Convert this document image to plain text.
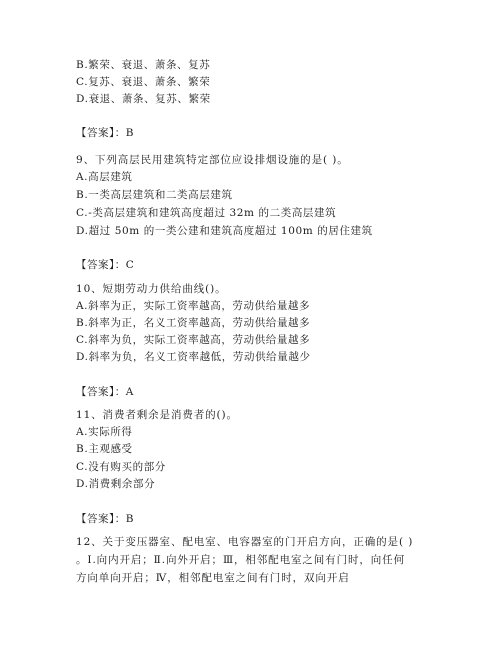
B.繁荣、衰退、萧条、复苏
C.复苏、衰退、萧条、繁荣
D.衰退、萧条、复苏、繁荣
【答案】：B
9、下列高层民用建筑特定部位应设排烟设施的是( )。
A.高层建筑
B.一类高层建筑和二类高层建筑
C.-类高层建筑和建筑高度超过 32m 的二类高层建筑
D.超过 50m 的一类公建和建筑高度超过 100m 的居住建筑
【答案】：C
10、短期劳动力供给曲线()。
A.斜率为正，实际工资率越高，劳动供给量越多
B.斜率为正，名义工资率越高，劳动供给量越多
C.斜率为负，实际工资率越高，劳动供给量越多
D.斜率为负，名义工资率越低，劳动供给量越少
【答案】：A
11、消费者剩余是消费者的()。
A.实际所得
B.主观感受
C.没有购买的部分
D.消费剩余部分
【答案】：B
12、关于变压器室、配电室、电容器室的门开启方向，正确的是( )
。Ⅰ.向内开启；Ⅱ.向外开启；Ⅲ，相邻配电室之间有门时，向任何
方向单向开启；Ⅳ，相邻配电室之间有门时，双向开启
